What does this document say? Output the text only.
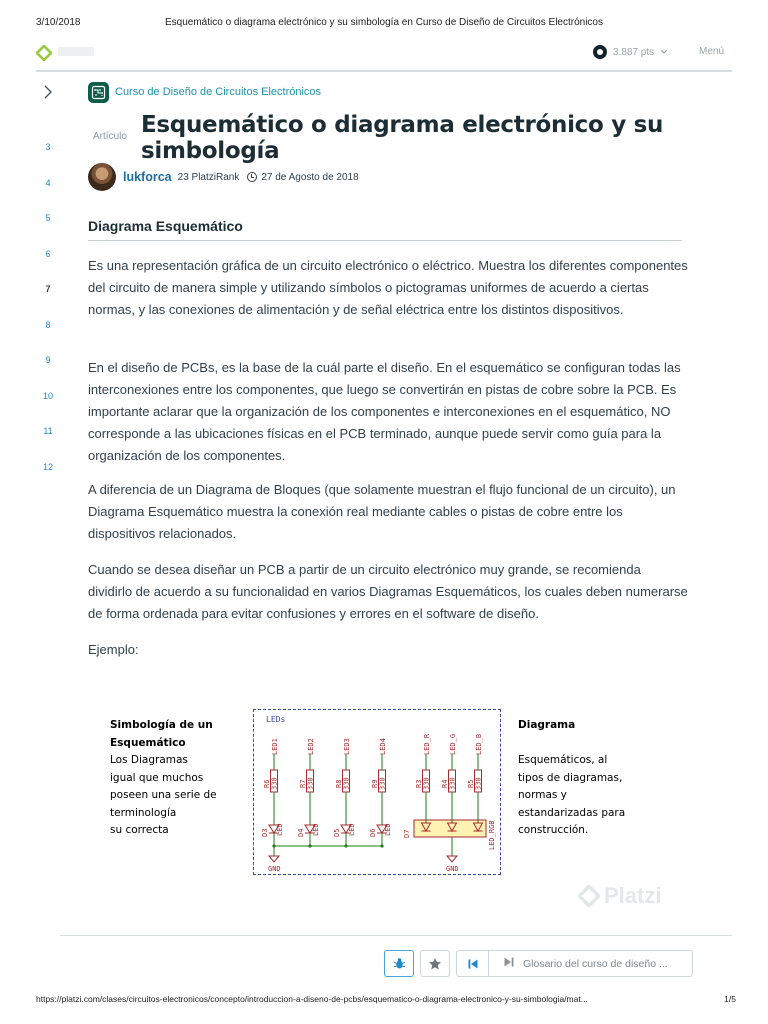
3/10/2018	Esquemático o diagrama electrónico y su simbología en Curso de Diseño de Circuitos Electrónicos
3.887 pts	Menú
3
4
5
6
7
8
9
10
11
12
Curso de Diseño de Circuitos Electrónicos
Artículo Esquemático o diagrama electrónico y su simbología
lukforca 23 PlatziRank 27 de Agosto de 2018
Diagrama Esquemático

Es una representación gráfica de un circuito electrónico o eléctrico. Muestra los diferentes componentes del circuito de manera simple y utilizando símbolos o pictogramas uniformes de acuerdo a ciertas normas, y las conexiones de alimentación y de señal eléctrica entre los distintos dispositivos.

En el diseño de PCBs, es la base de la cuál parte el diseño. En el esquemático se configuran todas las interconexiones entre los componentes, que luego se convertirán en pistas de cobre sobre la PCB. Es importante aclarar que la organización de los componentes e interconexiones en el esquemático, NO corresponde a las ubicaciones físicas en el PCB terminado, aunque puede servir como guía para la organización de los componentes.

A diferencia de un Diagrama de Bloques (que solamente muestran el flujo funcional de un circuito), un Diagrama Esquemático muestra la conexión real mediante cables o pistas de cobre entre los dispositivos relacionados.

Cuando se desea diseñar un PCB a partir de un circuito electrónico muy grande, se recomienda dividirlo de acuerdo a su funcionalidad en varios Diagramas Esquemáticos, los cuales deben numerarse de forma ordenada para evitar confusiones y errores en el software de diseño.

Ejemplo:

Simbología de un
Esquemático
Los Diagramas
igual que muchos
poseen una serie de
terminología
su correcta
LEDs
LED1
R6 330
D3 LED
LED2
R7 330
D4 LED
LED3
R8 330
D5 LED
LED4
R9 330
D6 LED
GND
LED_R
R3 330
LED_G
R4 330
LED_B
R5 330
D7	LED_RGB
GND
Diagrama
Esquemáticos, al
tipos de diagramas,
normas y
estandarizadas para
construcción.
Platzi
Glosario del curso de diseño ...
https://platzi.com/clases/circuitos-electronicos/concepto/introduccion-a-diseno-de-pcbs/esquematico-o-diagrama-electronico-y-su-simbologia/mat...	1/5
